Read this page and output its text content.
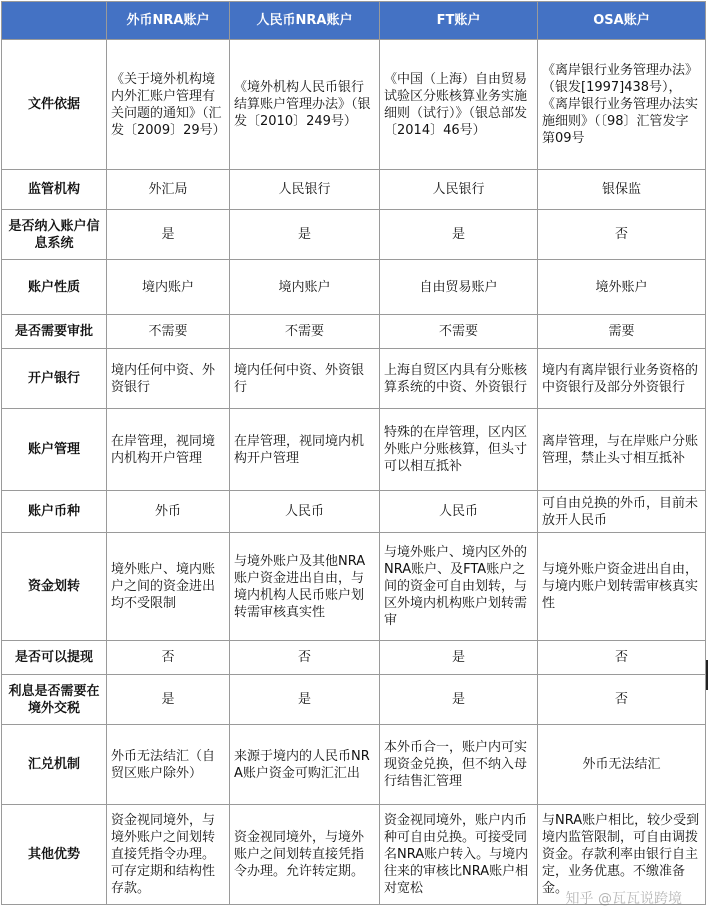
	外币NRA账户	人民币NRA账户	FT账户	OSA账户
文件依据	《关于境外机构境内外汇账户管理有关问题的通知》（汇发〔2009〕29号）	《境外机构人民币银行结算账户管理办法》（银发〔2010〕249号）	《中国（上海）自由贸易试验区分账核算业务实施细则（试行）》（银总部发〔2014〕46号）	《离岸银行业务管理办法》（银发[1997]438号），《离岸银行业务管理办法实施细则》（〔98〕汇管发字第09号
监管机构	外汇局	人民银行	人民银行	银保监
是否纳入账户信息系统	是	是	是	否
账户性质	境内账户	境内账户	自由贸易账户	境外账户
是否需要审批	不需要	不需要	不需要	需要
开户银行	境内任何中资、外资银行	境内任何中资、外资银行	上海自贸区内具有分账核算系统的中资、外资银行	境内有离岸银行业务资格的中资银行及部分外资银行
账户管理	在岸管理，视同境内机构开户管理	在岸管理，视同境内机构开户管理	特殊的在岸管理，区内区外账户分账核算，但头寸可以相互抵补	离岸管理，与在岸账户分账管理，禁止头寸相互抵补
账户币种	外币	人民币	人民币	可自由兑换的外币，目前未放开人民币
资金划转	境外账户、境内账户之间的资金进出均不受限制	与境外账户及其他NRA账户资金进出自由，与境内机构人民币账户划转需审核真实性	与境外账户、境内区外的NRA账户、及FTA账户之间的资金可自由划转，与区外境内机构账户划转需审	与境外账户资金进出自由，与境内账户划转需审核真实性
是否可以提现	否	否	是	否
利息是否需要在境外交税	是	是	是	否
汇兑机制	外币无法结汇（自贸区账户除外）	来源于境内的人民币NRA账户资金可购汇汇出	本外币合一，账户内可实现资金兑换，但不纳入母行结售汇管理	外币无法结汇
其他优势	资金视同境外，与境外账户之间划转直接凭指令办理。可存定期和结构性存款。	资金视同境外，与境外账户之间划转直接凭指令办理。允许转定期。	资金视同境外，账户内币种可自由兑换。可接受同名NRA账户转入。与境内往来的审核比NRA账户相对宽松	与NRA账户相比，较少受到境内监管限制，可自由调拨资金。存款利率由银行自主定，业务优惠。不缴准备金。
知乎 @瓦瓦说跨境
